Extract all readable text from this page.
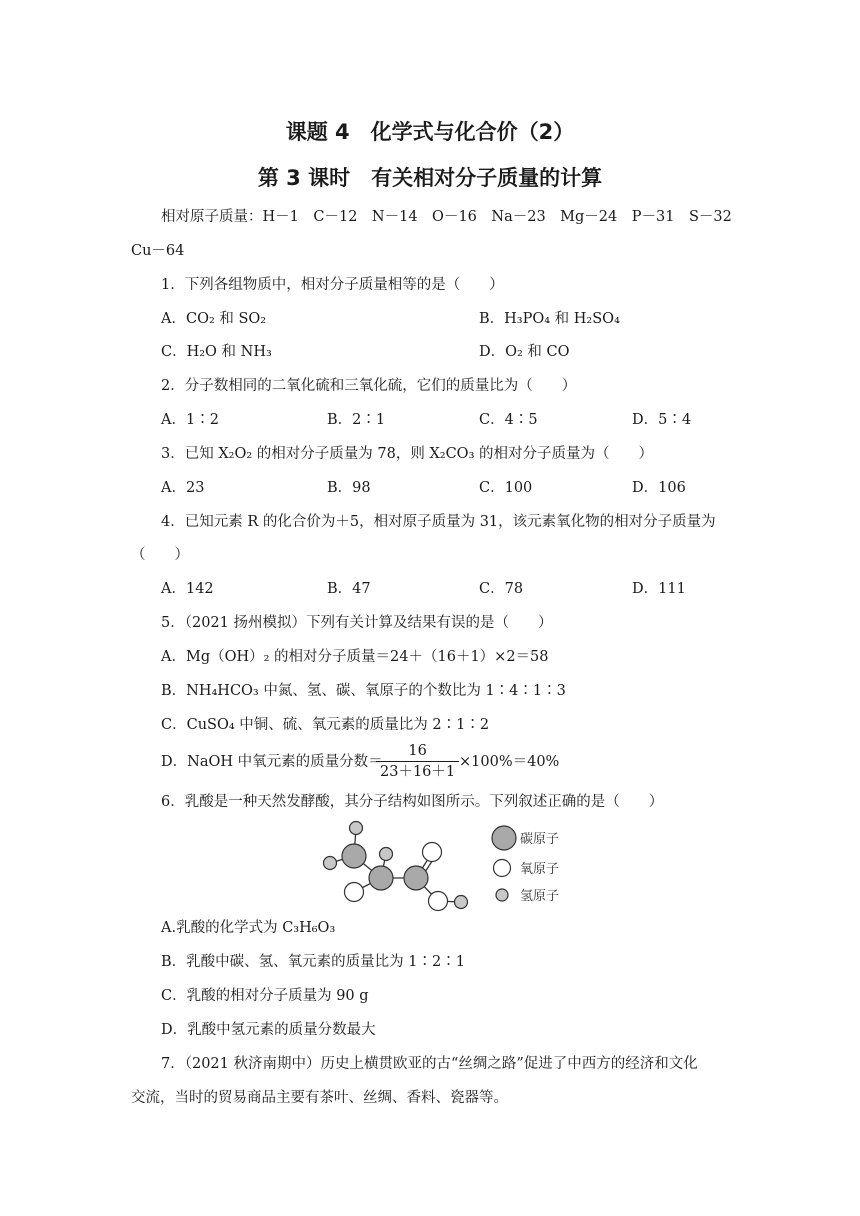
课题 4　化学式与化合价（2）
第 3 课时　有关相对分子质量的计算
相对原子质量：H－1　C－12　N－14　O－16　Na－23　Mg－24　P－31　S－32
Cu－64
1．下列各组物质中，相对分子质量相等的是（　　）
A．CO₂ 和 SO₂	B．H₃PO₄ 和 H₂SO₄
C．H₂O 和 NH₃	D．O₂ 和 CO
2．分子数相同的二氧化硫和三氧化硫，它们的质量比为（　　）
A．1∶2	B．2∶1	C．4∶5	D．5∶4
3．已知 X₂O₂ 的相对分子质量为 78，则 X₂CO₃ 的相对分子质量为（　　）
A．23	B．98	C．100	D．106
4．已知元素 R 的化合价为＋5，相对原子质量为 31，该元素氧化物的相对分子质量为
（　　）
A．142	B．47	C．78	D．111
5．（2021 扬州模拟）下列有关计算及结果有误的是（　　）
A．Mg（OH）₂ 的相对分子质量＝24＋（16＋1）×2＝58
B．NH₄HCO₃ 中氮、氢、碳、氧原子的个数比为 1∶4∶1∶3
C．CuSO₄ 中铜、硫、氧元素的质量比为 2∶1∶2
D．NaOH 中氧元素的质量分数＝
$\frac{16}{23+16+1} \times 100\%=40\%$
6．乳酸是一种天然发酵酸，其分子结构如图所示。下列叙述正确的是（　　）
碳原子
氧原子
氢原子
A.乳酸的化学式为 C₃H₆O₃
B．乳酸中碳、氢、氧元素的质量比为 1∶2∶1
C．乳酸的相对分子质量为 90 g
D．乳酸中氢元素的质量分数最大
7．（2021 秋济南期中）历史上横贯欧亚的古“丝绸之路”促进了中西方的经济和文化
交流，当时的贸易商品主要有茶叶、丝绸、香料、瓷器等。
